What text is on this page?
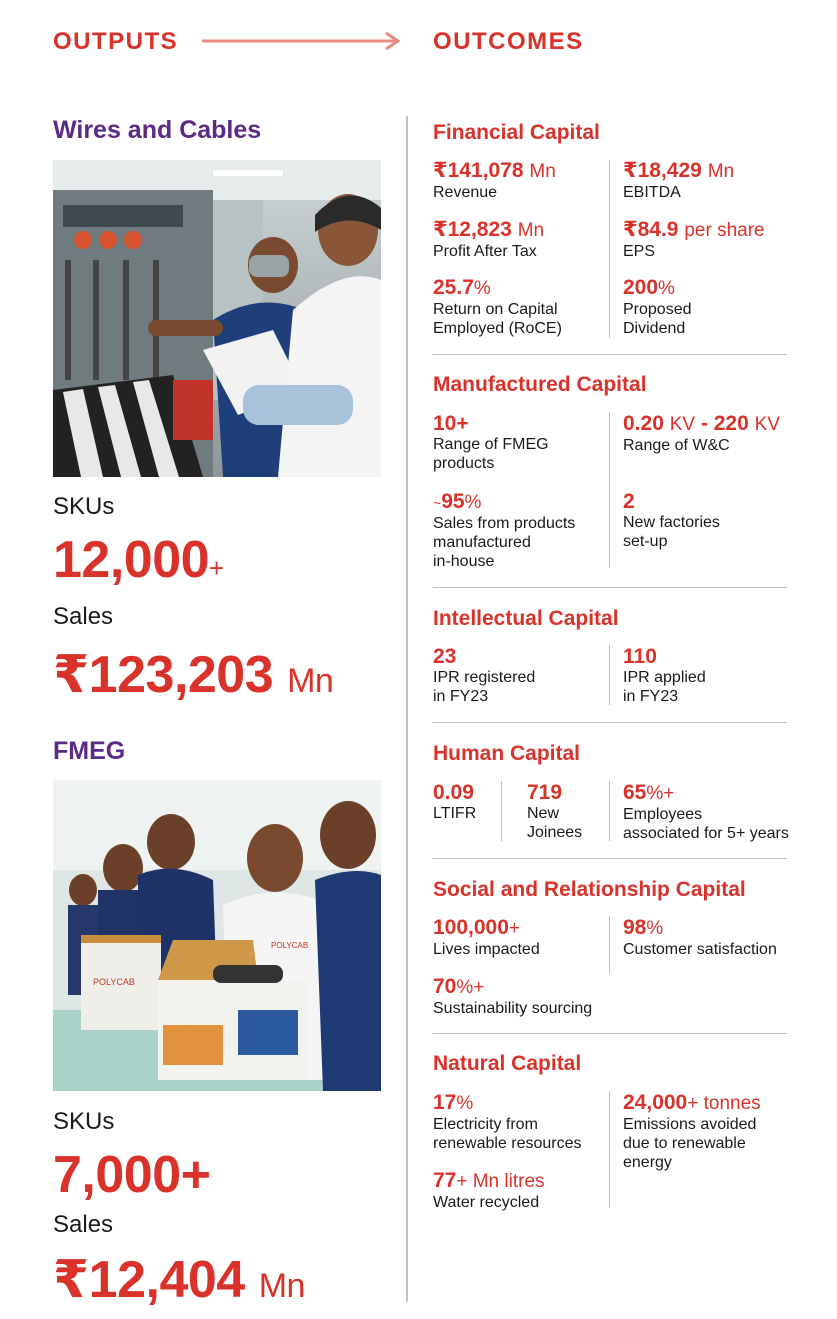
OUTPUTS	OUTCOMES
Wires and Cables
SKUs
12,000+
Sales
₹123,203 Mn
FMEG
POLYCAB
POLYCAB
SKUs
7,000+
Sales
₹12,404 Mn
Financial Capital
₹141,078 Mn
Revenue
₹18,429 Mn
EBITDA
₹12,823 Mn
Profit After Tax
₹84.9 per share
EPS
25.7%
Return on Capital
Employed (RoCE)
200%
Proposed
Dividend
Manufactured Capital
10+
Range of FMEG
products
0.20 KV - 220 KV
Range of W&C
~95%
Sales from products
manufactured
in-house
2
New factories
set-up
Intellectual Capital
23
IPR registered
in FY23
110
IPR applied
in FY23
Human Capital
0.09
LTIFR
719
New
Joinees
65%+
Employees
associated for 5+ years
Social and Relationship Capital
100,000+
Lives impacted
98%
Customer satisfaction
70%+
Sustainability sourcing
Natural Capital
17%
Electricity from
renewable resources
24,000+ tonnes
Emissions avoided
due to renewable
energy
77+ Mn litres
Water recycled
